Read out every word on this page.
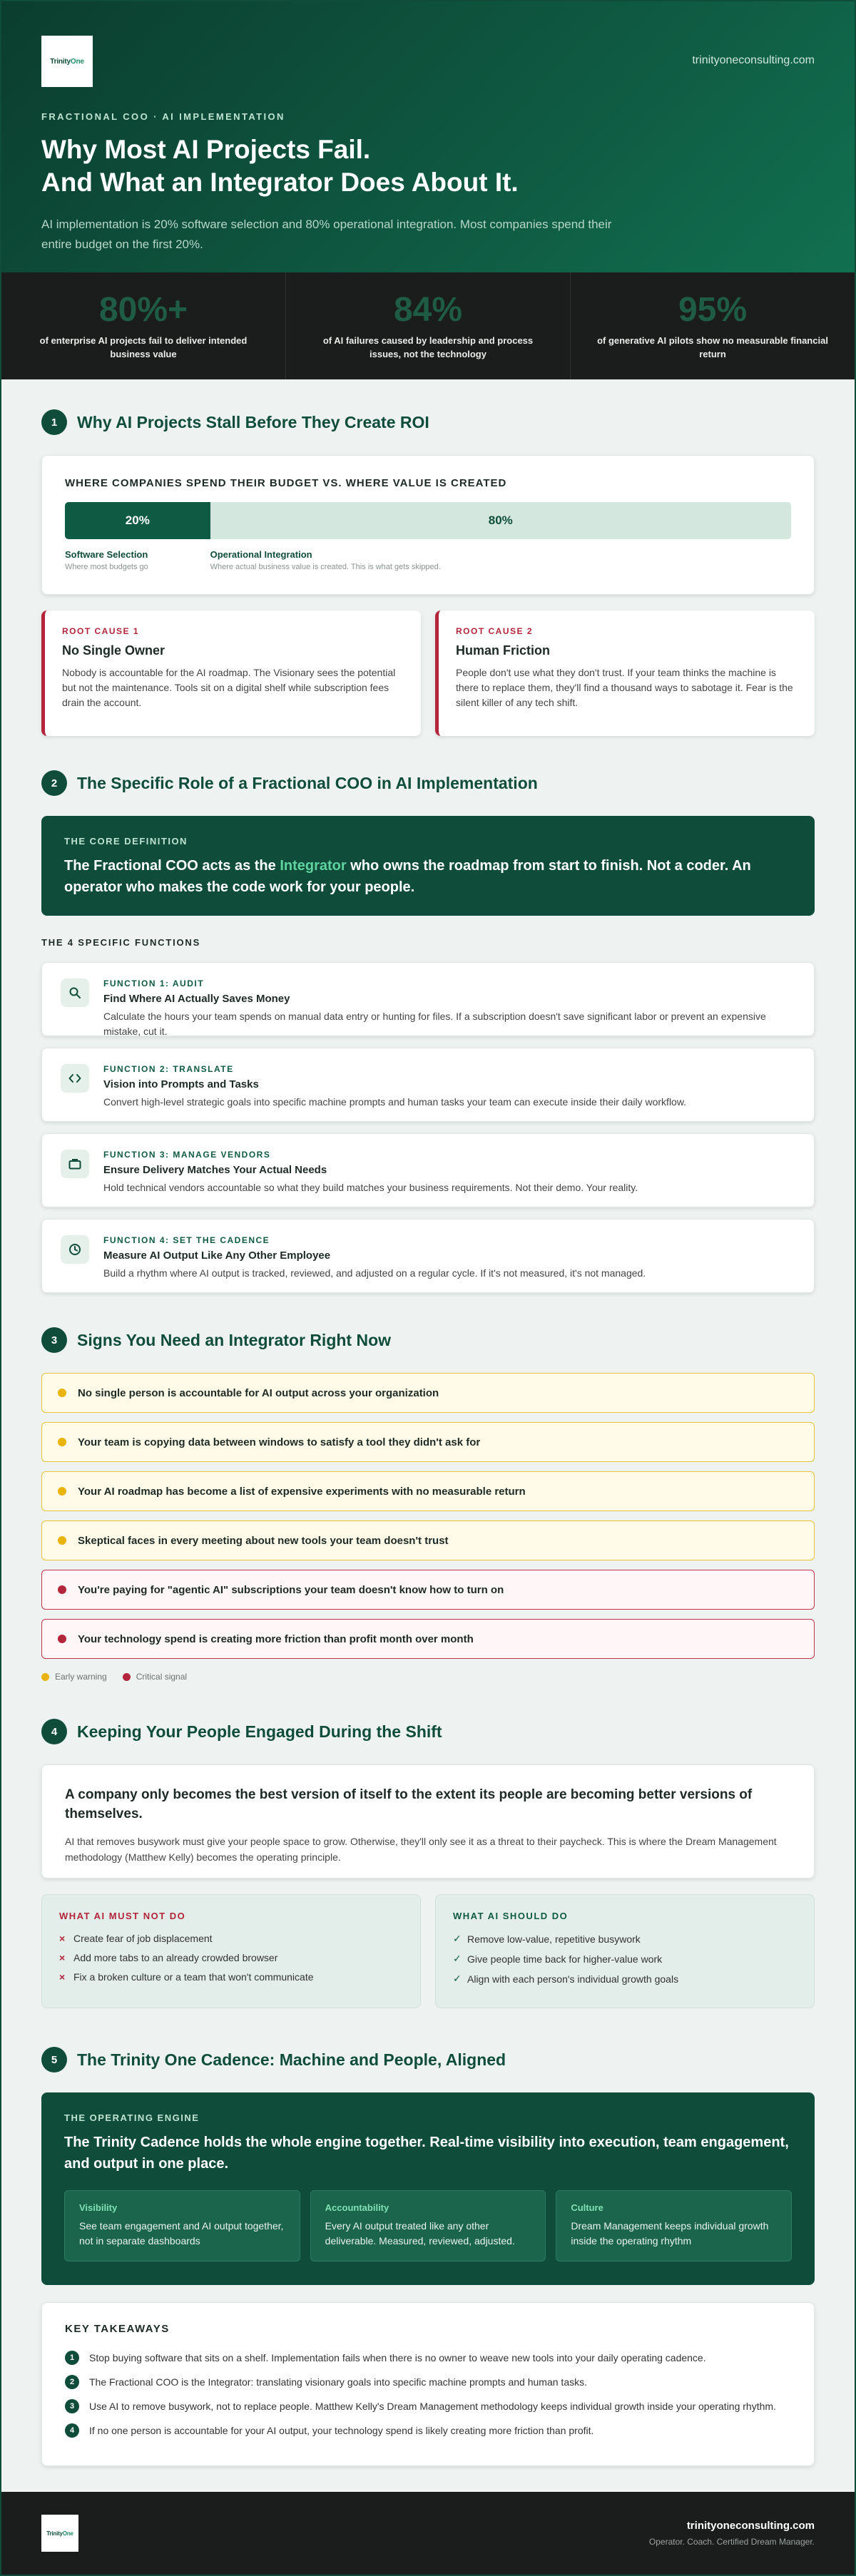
TrinityOne	trinityoneconsulting.com
FRACTIONAL COO · AI IMPLEMENTATION
Why Most AI Projects Fail.
And What an Integrator Does About It.

AI implementation is 20% software selection and 80% operational integration. Most companies spend their entire budget on the first 20%.

80%+
of enterprise AI projects fail to deliver intended business value
84%
of AI failures caused by leadership and process issues, not the technology
95%
of generative AI pilots show no measurable financial return
1	Why AI Projects Stall Before They Create ROI
WHERE COMPANIES SPEND THEIR BUDGET VS. WHERE VALUE IS CREATED
20%	80%
Software Selection
Where most budgets go
Operational Integration
Where actual business value is created. This is what gets skipped.
ROOT CAUSE 1
No Single Owner
Nobody is accountable for the AI roadmap. The Visionary sees the potential but not the maintenance. Tools sit on a digital shelf while subscription fees drain the account.
ROOT CAUSE 2
Human Friction
People don't use what they don't trust. If your team thinks the machine is there to replace them, they'll find a thousand ways to sabotage it. Fear is the silent killer of any tech shift.
2	The Specific Role of a Fractional COO in AI Implementation
THE CORE DEFINITION
The Fractional COO acts as the Integrator who owns the roadmap from start to finish. Not a coder. An operator who makes the code work for your people.
THE 4 SPECIFIC FUNCTIONS
FUNCTION 1: AUDIT
Find Where AI Actually Saves Money
Calculate the hours your team spends on manual data entry or hunting for files. If a subscription doesn't save significant labor or prevent an expensive mistake, cut it.
FUNCTION 2: TRANSLATE
Vision into Prompts and Tasks
Convert high-level strategic goals into specific machine prompts and human tasks your team can execute inside their daily workflow.
FUNCTION 3: MANAGE VENDORS
Ensure Delivery Matches Your Actual Needs
Hold technical vendors accountable so what they build matches your business requirements. Not their demo. Your reality.
FUNCTION 4: SET THE CADENCE
Measure AI Output Like Any Other Employee
Build a rhythm where AI output is tracked, reviewed, and adjusted on a regular cycle. If it's not measured, it's not managed.
3	Signs You Need an Integrator Right Now
No single person is accountable for AI output across your organization
Your team is copying data between windows to satisfy a tool they didn't ask for
Your AI roadmap has become a list of expensive experiments with no measurable return
Skeptical faces in every meeting about new tools your team doesn't trust
You're paying for "agentic AI" subscriptions your team doesn't know how to turn on
Your technology spend is creating more friction than profit month over month
Early warning	Critical signal
4	Keeping Your People Engaged During the Shift
A company only becomes the best version of itself to the extent its people are becoming better versions of themselves.
AI that removes busywork must give your people space to grow. Otherwise, they'll only see it as a threat to their paycheck. This is where the Dream Management methodology (Matthew Kelly) becomes the operating principle.
WHAT AI MUST NOT DO
× Create fear of job displacement
× Add more tabs to an already crowded browser
× Fix a broken culture or a team that won't communicate
WHAT AI SHOULD DO
✓ Remove low-value, repetitive busywork
✓ Give people time back for higher-value work
✓ Align with each person's individual growth goals
5	The Trinity One Cadence: Machine and People, Aligned
THE OPERATING ENGINE
The Trinity Cadence holds the whole engine together. Real-time visibility into execution, team engagement, and output in one place.
Visibility
See team engagement and AI output together, not in separate dashboards
Accountability
Every AI output treated like any other deliverable. Measured, reviewed, adjusted.
Culture
Dream Management keeps individual growth inside the operating rhythm
KEY TAKEAWAYS
1	Stop buying software that sits on a shelf. Implementation fails when there is no owner to weave new tools into your daily operating cadence.
2	The Fractional COO is the Integrator: translating visionary goals into specific machine prompts and human tasks.
3	Use AI to remove busywork, not to replace people. Matthew Kelly's Dream Management methodology keeps individual growth inside your operating rhythm.
4	If no one person is accountable for your AI output, your technology spend is likely creating more friction than profit.
TrinityOne
trinityoneconsulting.com
Operator. Coach. Certified Dream Manager.
